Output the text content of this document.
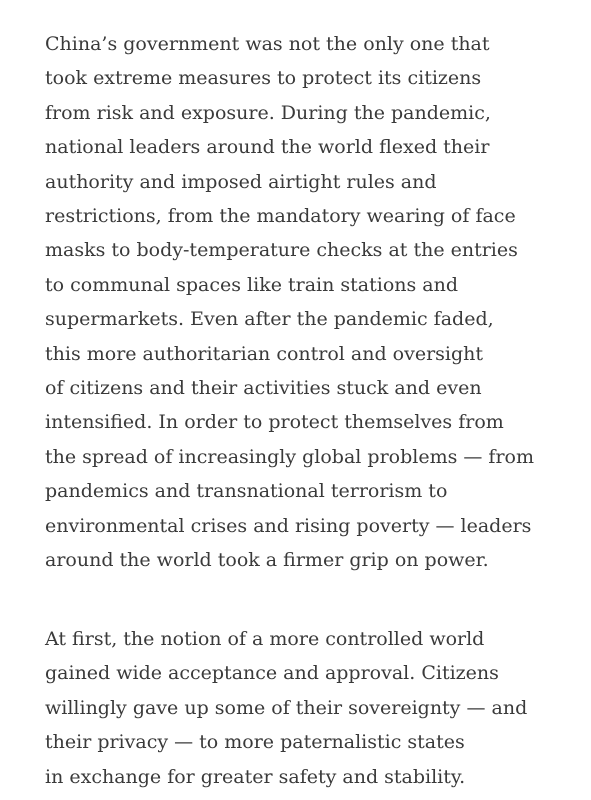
China’s government was not the only one that
took extreme measures to protect its citizens
from risk and exposure. During the pandemic,
national leaders around the world flexed their
authority and imposed airtight rules and
restrictions, from the mandatory wearing of face
masks to body-temperature checks at the entries
to communal spaces like train stations and
supermarkets. Even after the pandemic faded,
this more authoritarian control and oversight
of citizens and their activities stuck and even
intensified. In order to protect themselves from
the spread of increasingly global problems — from
pandemics and transnational terrorism to
environmental crises and rising poverty — leaders
around the world took a firmer grip on power.

At first, the notion of a more controlled world
gained wide acceptance and approval. Citizens
willingly gave up some of their sovereignty — and
their privacy — to more paternalistic states
in exchange for greater safety and stability.
